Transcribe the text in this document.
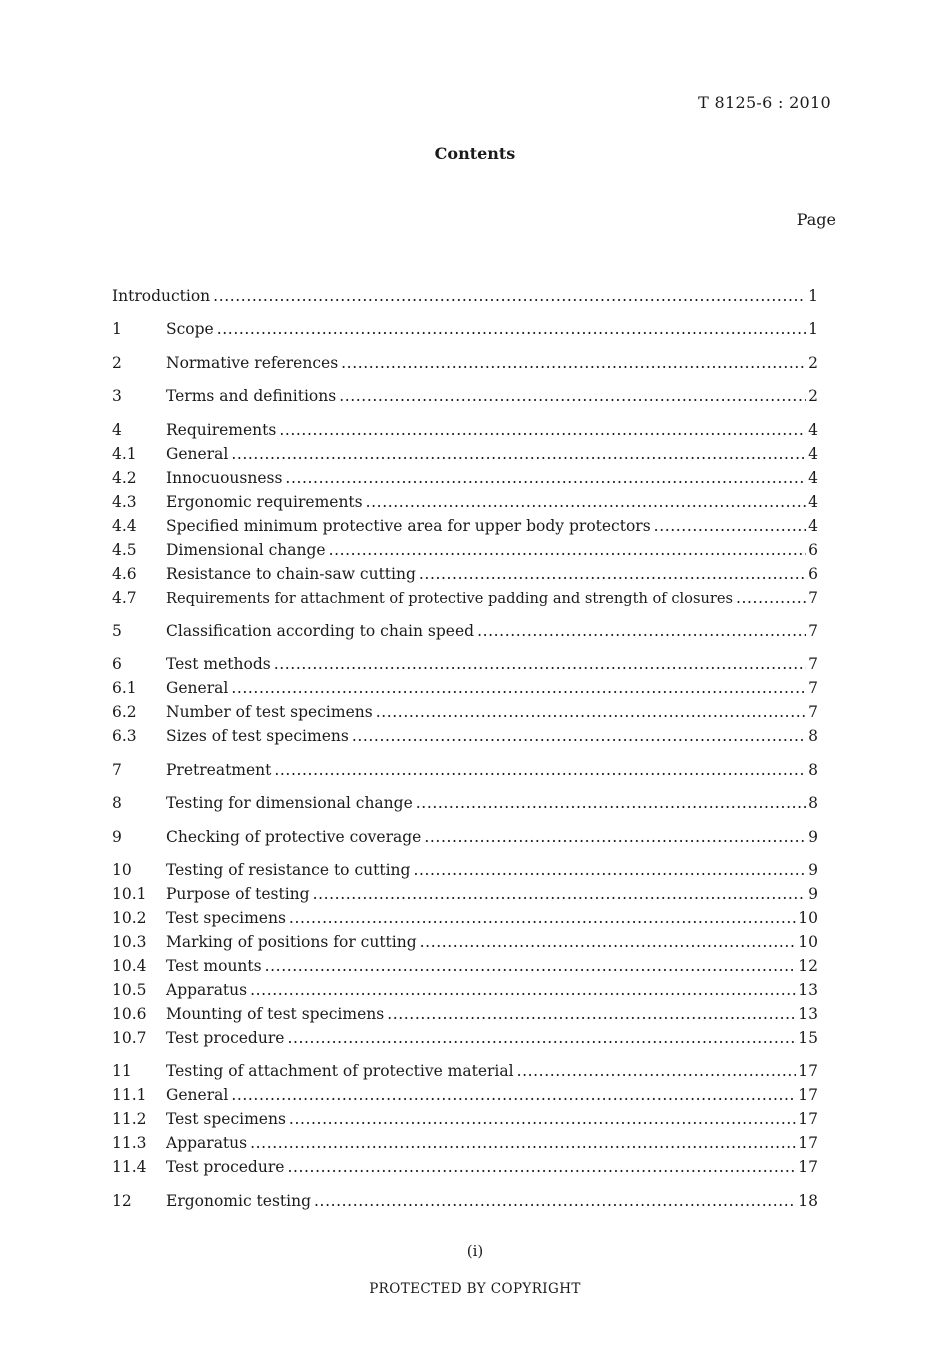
T 8125-6 : 2010
Contents
Page
Introduction .....	1
1	Scope .....	1
2	Normative references .....	2
3	Terms and definitions .....	2
4	Requirements .....	4
4.1	General .....	4
4.2	Innocuousness .....	4
4.3	Ergonomic requirements .....	4
4.4	Specified minimum protective area for upper body protectors .....	4
4.5	Dimensional change .....	6
4.6	Resistance to chain-saw cutting .....	6
4.7	Requirements for attachment of protective padding and strength of closures .....	7
5	Classification according to chain speed .....	7
6	Test methods .....	7
6.1	General .....	7
6.2	Number of test specimens .....	7
6.3	Sizes of test specimens .....	8
7	Pretreatment .....	8
8	Testing for dimensional change .....	8
9	Checking of protective coverage .....	9
10	Testing of resistance to cutting .....	9
10.1	Purpose of testing .....	9
10.2	Test specimens .....	10
10.3	Marking of positions for cutting .....	10
10.4	Test mounts .....	12
10.5	Apparatus .....	13
10.6	Mounting of test specimens .....	13
10.7	Test procedure .....	15
11	Testing of attachment of protective material .....	17
11.1	General .....	17
11.2	Test specimens .....	17
11.3	Apparatus .....	17
11.4	Test procedure .....	17
12	Ergonomic testing .....	18
(i)
PROTECTED BY COPYRIGHT
